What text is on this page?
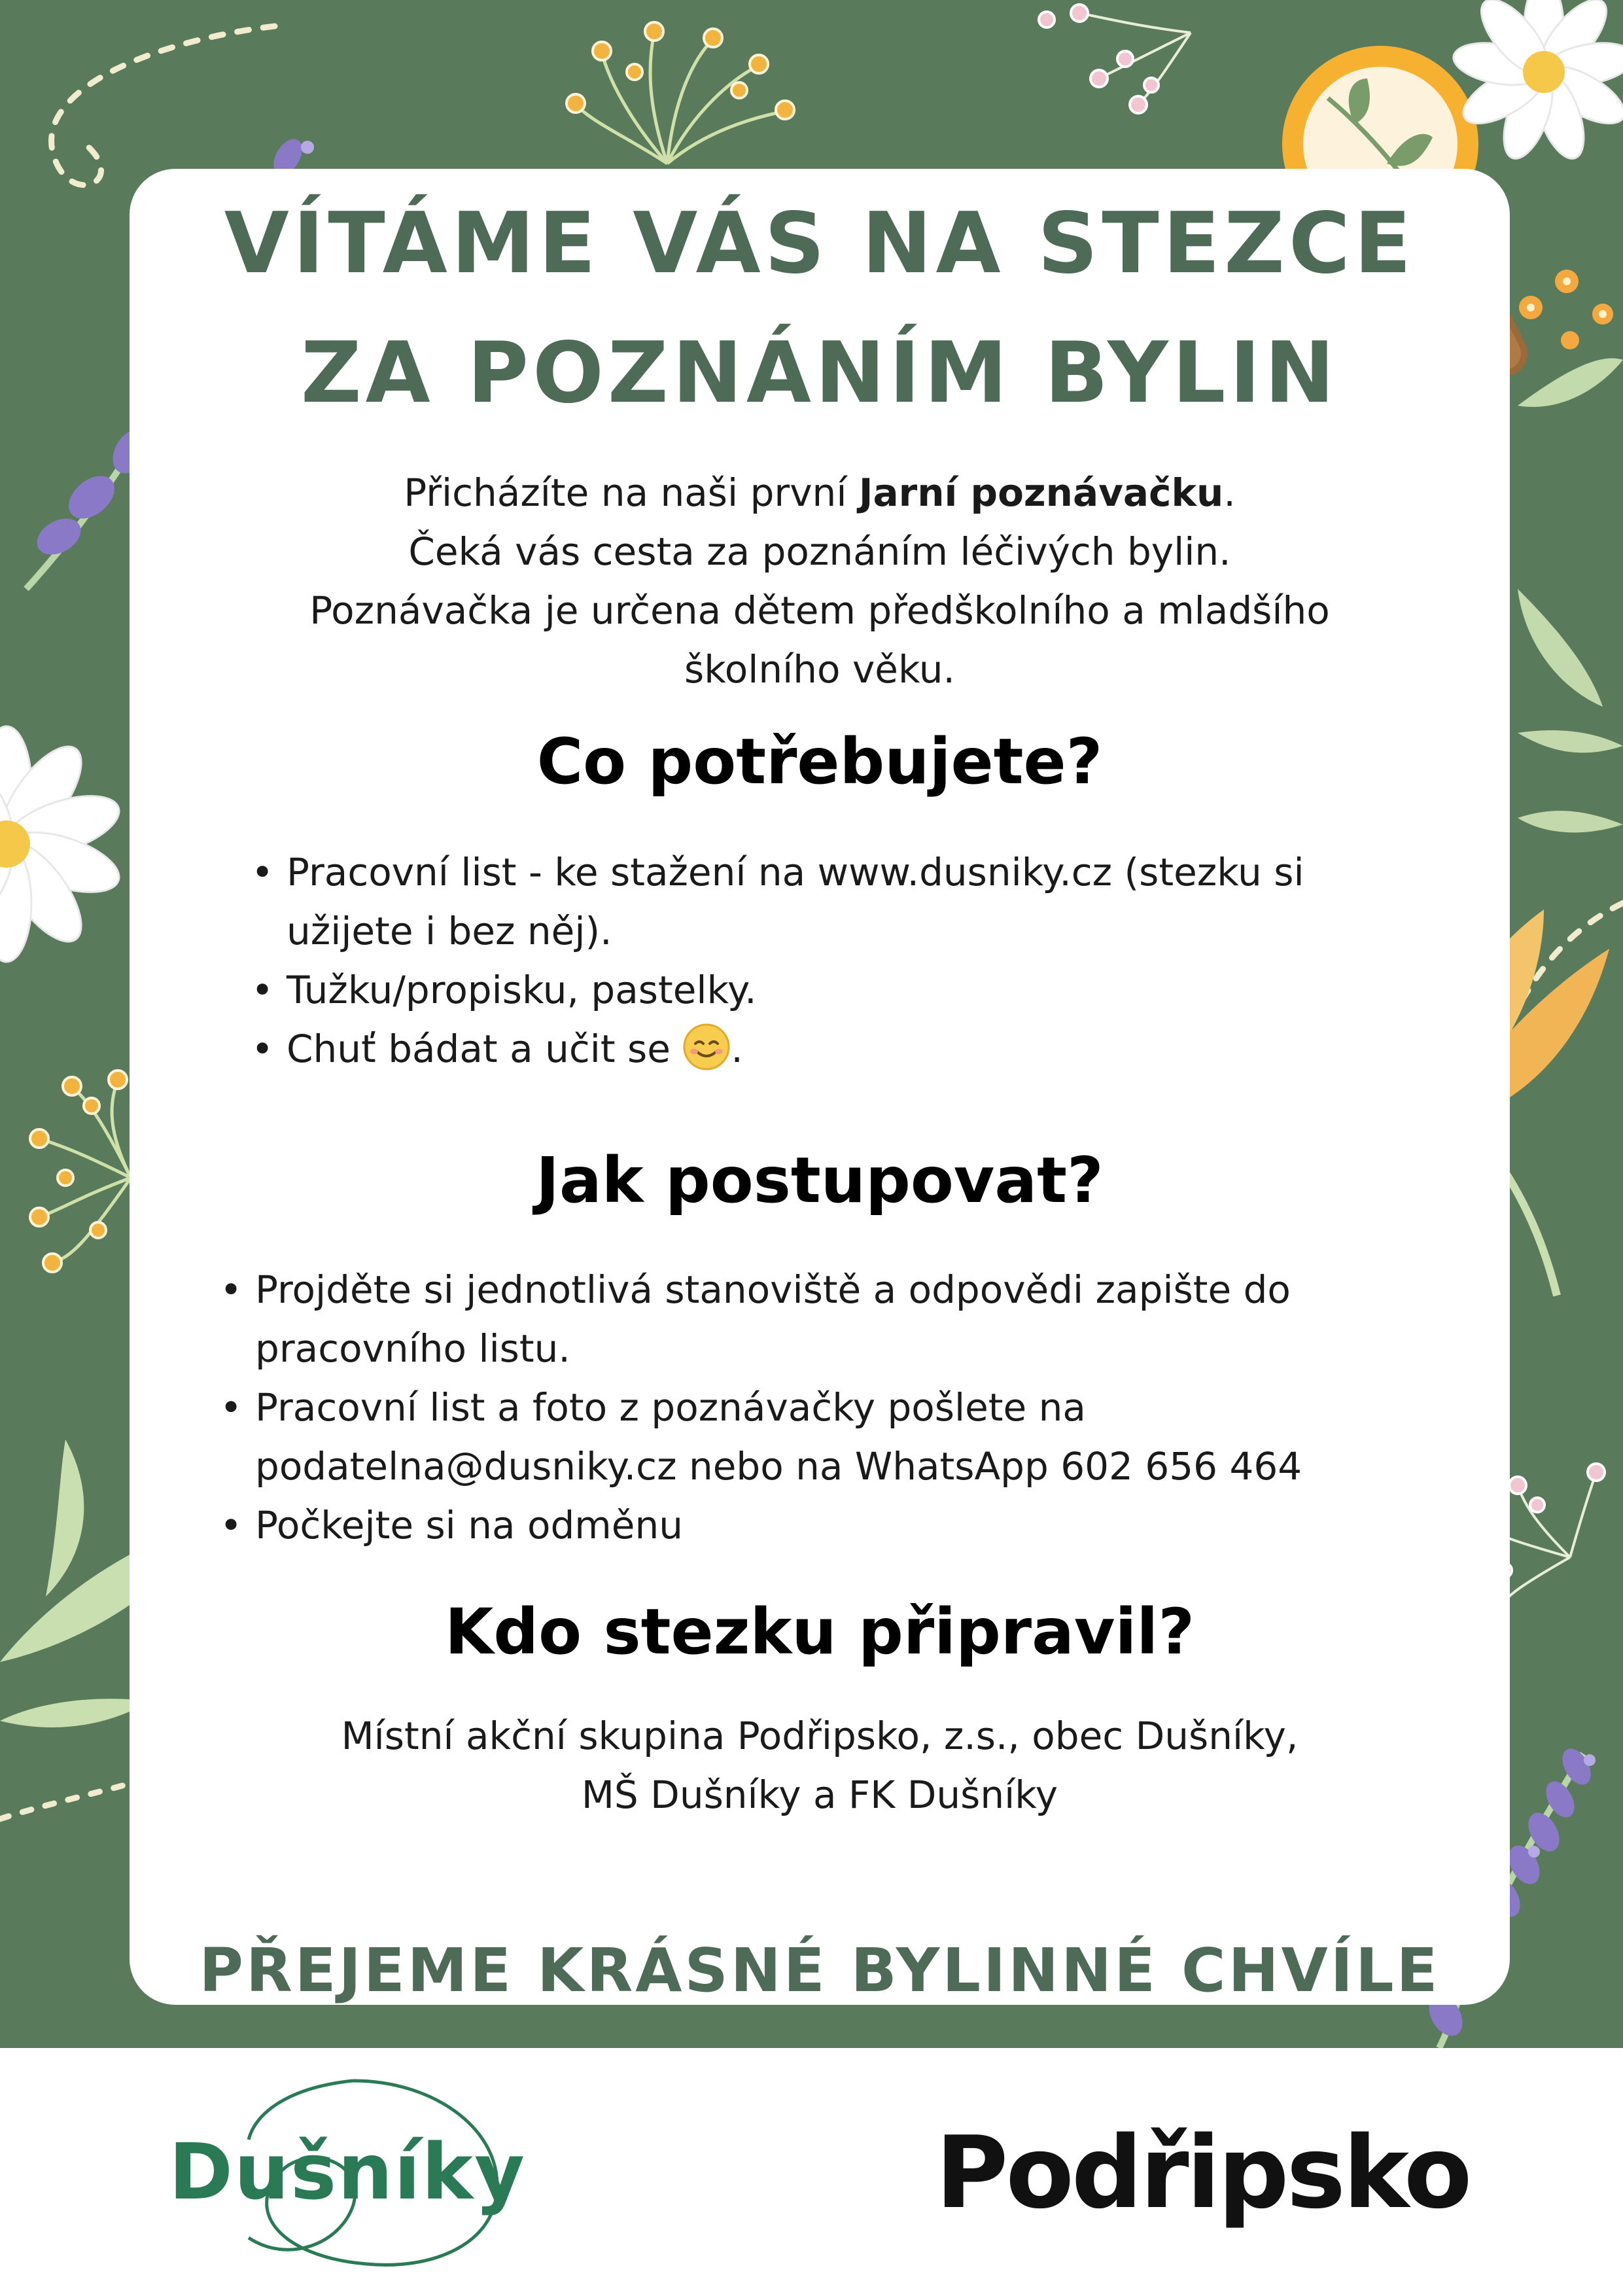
VÍTÁME VÁS NA STEZCE
ZA POZNÁNÍM BYLIN
Přicházíte na naši první Jarní poznávačku.
Čeká vás cesta za poznáním léčivých bylin.
Poznávačka je určena dětem předškolního a mladšího
školního věku.
Co potřebujete?
• Pracovní list - ke stažení na www.dusniky.cz (stezku si užijete i bez něj).
• Tužku/propisku, pastelky.
• Chuť bádat a učit se .
Jak postupovat?
• Projděte si jednotlivá stanoviště a odpovědi zapište do pracovního listu.
• Pracovní list a foto z poznávačky pošlete na podatelna@dusniky.cz nebo na WhatsApp 602 656 464
• Počkejte si na odměnu
Kdo stezku připravil?
Místní akční skupina Podřipsko, z.s., obec Dušníky,
MŠ Dušníky a FK Dušníky
PŘEJEME KRÁSNÉ BYLINNÉ CHVÍLE
Dušníky	Podřipsko
